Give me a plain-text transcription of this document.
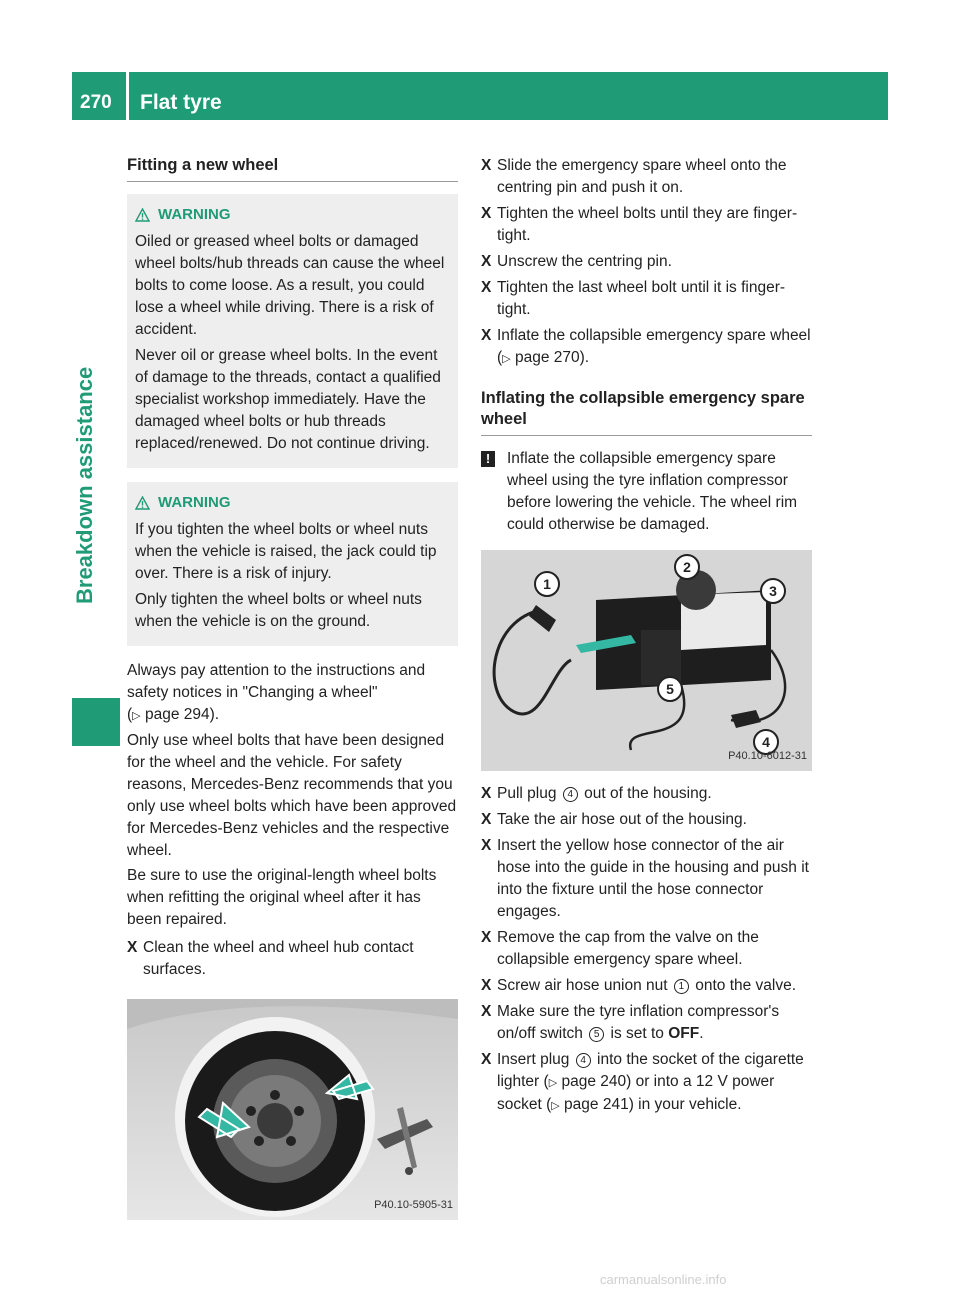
270	Flat tyre
Breakdown assistance
Fitting a new wheel
WARNING

Oiled or greased wheel bolts or damaged wheel bolts/hub threads can cause the wheel bolts to come loose. As a result, you could lose a wheel while driving. There is a risk of accident.

Never oil or grease wheel bolts. In the event of damage to the threads, contact a qualified specialist workshop immediately. Have the damaged wheel bolts or hub threads replaced/renewed. Do not continue driving.

WARNING

If you tighten the wheel bolts or wheel nuts when the vehicle is raised, the jack could tip over. There is a risk of injury.

Only tighten the wheel bolts or wheel nuts when the vehicle is on the ground.

Always pay attention to the instructions and safety notices in "Changing a wheel"
(▷ page 294).
Only use wheel bolts that have been designed for the wheel and the vehicle. For safety reasons, Mercedes-Benz recommends that you only use wheel bolts which have been approved for Mercedes-Benz vehicles and the respective wheel.
Be sure to use the original-length wheel bolts when refitting the original wheel after it has been repaired.
X Clean the wheel and wheel hub contact surfaces.
P40.10-5905-31
X Slide the emergency spare wheel onto the centring pin and push it on.
X Tighten the wheel bolts until they are finger-tight.
X Unscrew the centring pin.
X Tighten the last wheel bolt until it is finger-tight.
X Inflate the collapsible emergency spare wheel (▷ page 270).
Inflating the collapsible emergency spare wheel
!	Inflate the collapsible emergency spare wheel using the tyre inflation compressor before lowering the vehicle. The wheel rim could otherwise be damaged.
1
2
3
4
5
P40.10-6012-31
X Pull plug 4 out of the housing.
X Take the air hose out of the housing.
X Insert the yellow hose connector of the air hose into the guide in the housing and push it into the fixture until the hose connector engages.
X Remove the cap from the valve on the collapsible emergency spare wheel.
X Screw air hose union nut 1 onto the valve.
X Make sure the tyre inflation compressor's on/off switch 5 is set to OFF.
X Insert plug 4 into the socket of the cigarette lighter (▷ page 240) or into a 12 V power socket (▷ page 241) in your vehicle.
carmanualsonline.info
